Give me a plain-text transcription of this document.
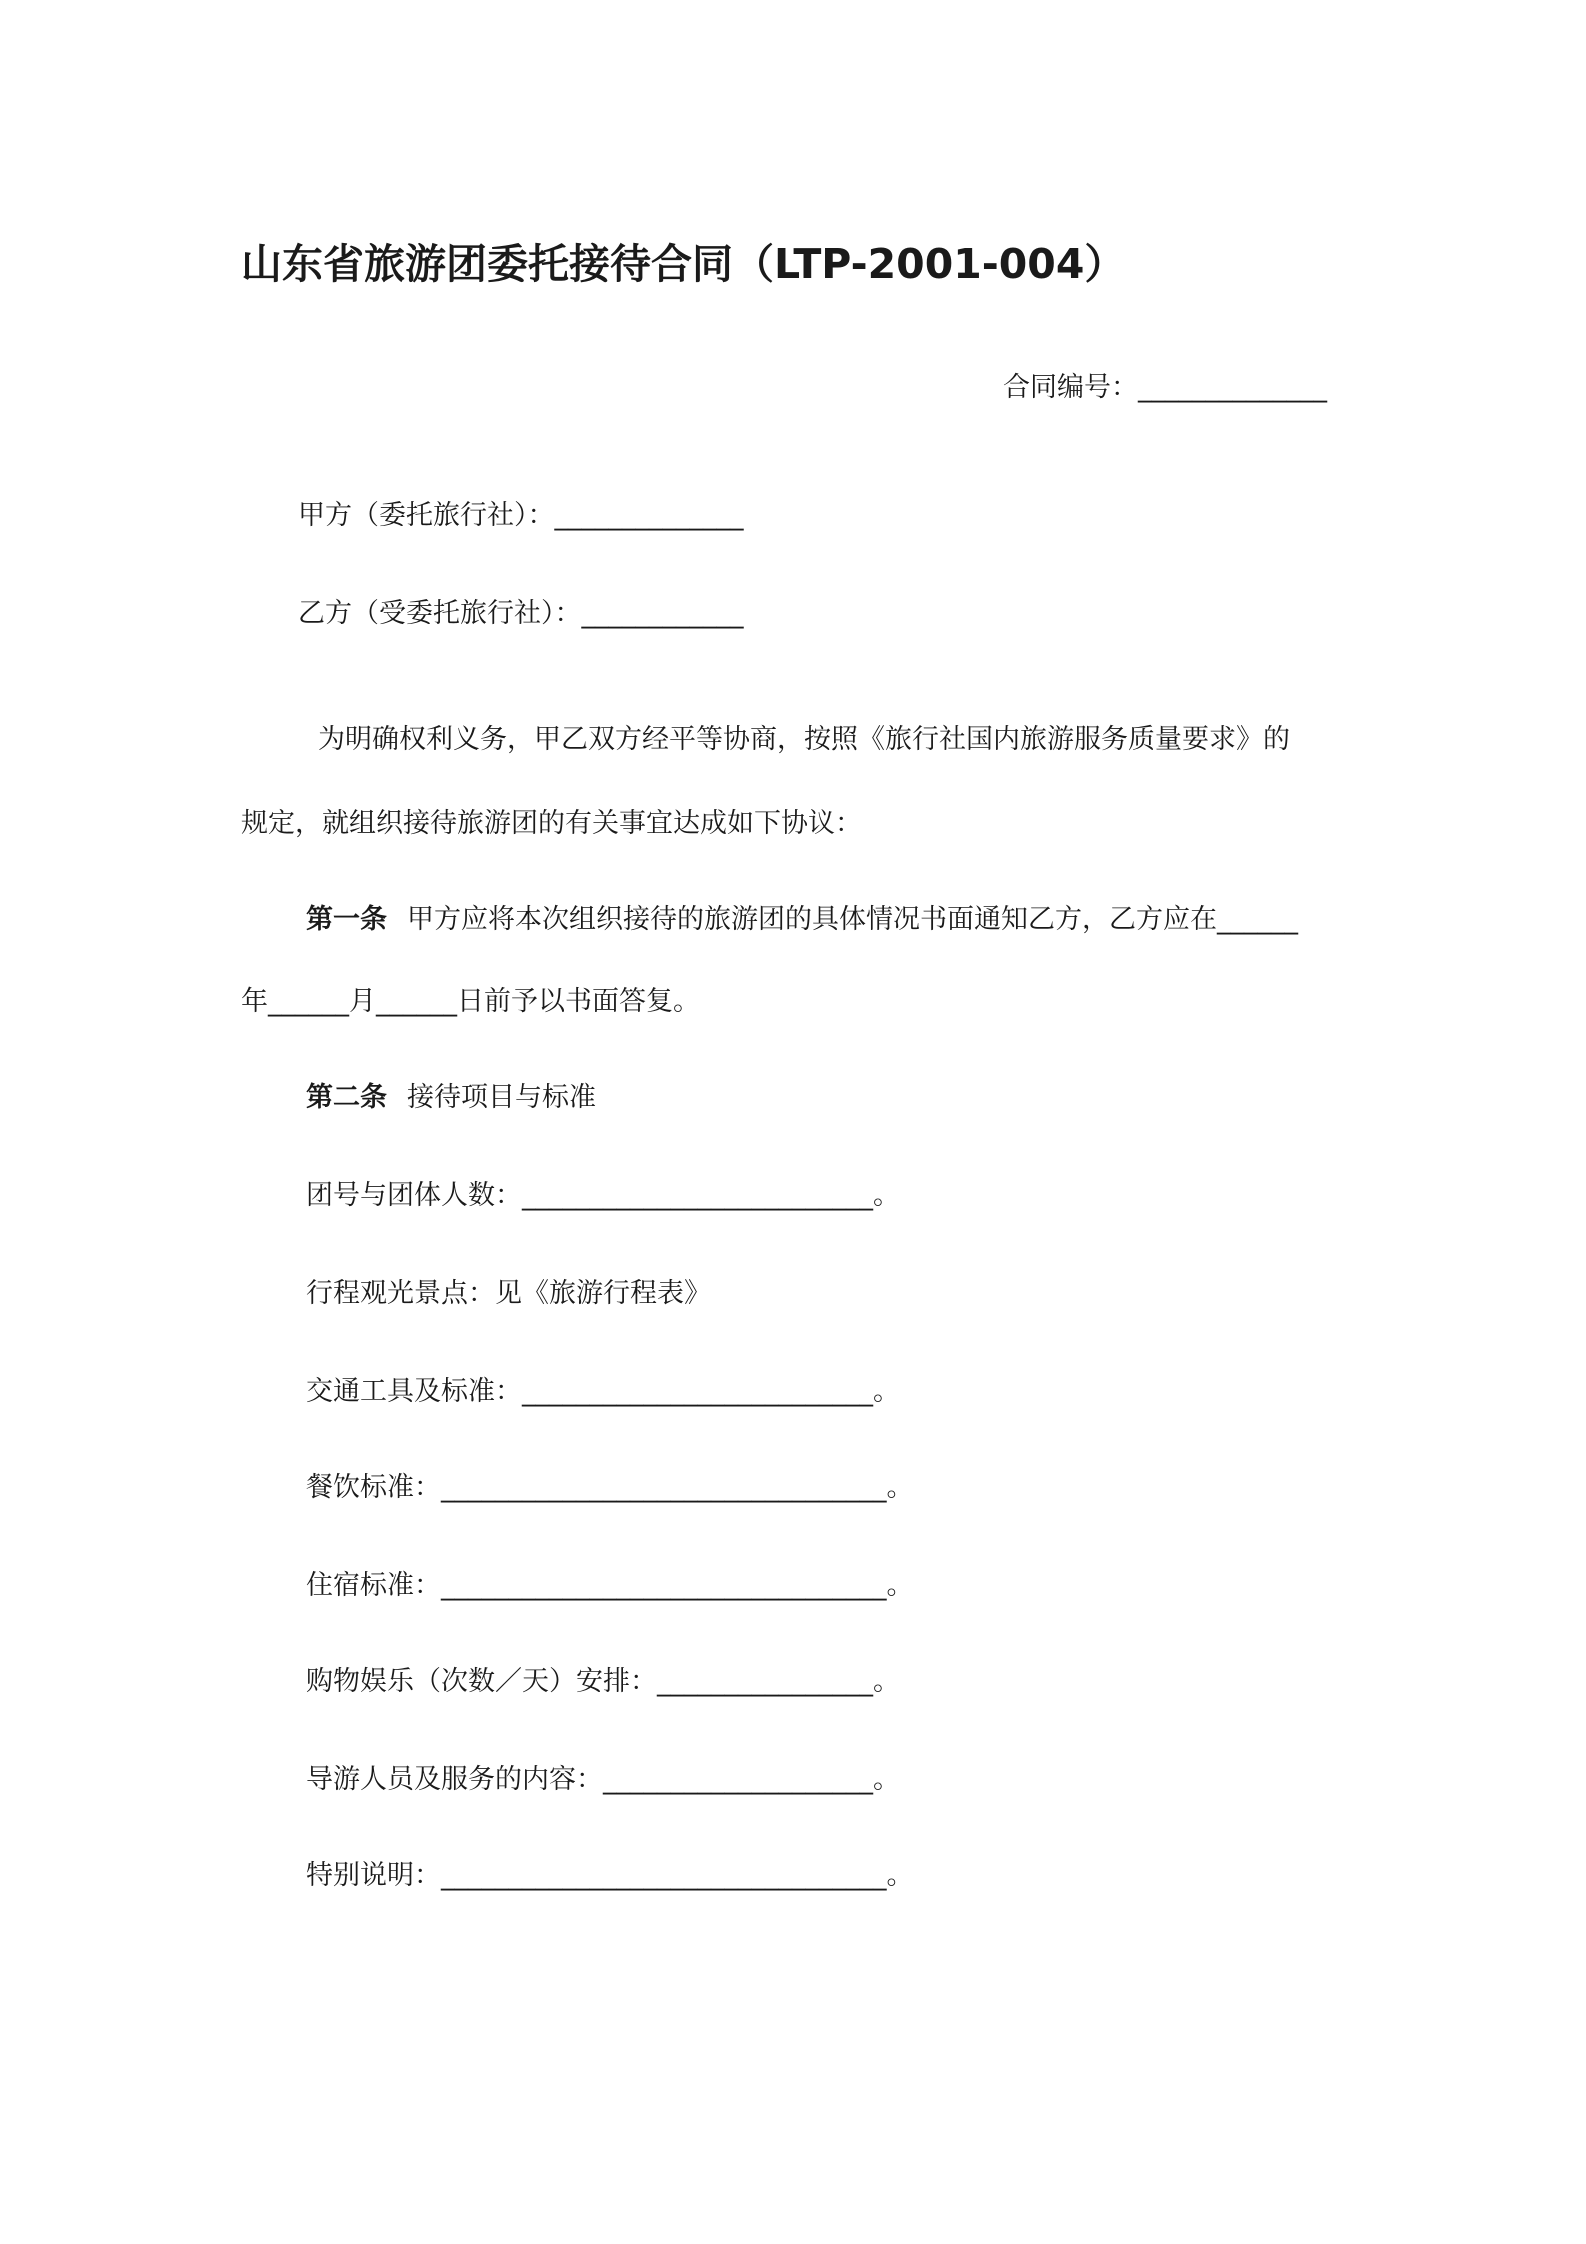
山东省旅游团委托接待合同（LTP-2001-004）
合同编号：______________
甲方（委托旅行社）：______________
乙方（受委托旅行社）：____________
为明确权利义务，甲乙双方经平等协商，按照《旅行社国内旅游服务质量要求》的
规定，就组织接待旅游团的有关事宜达成如下协议：
第一条 甲方应将本次组织接待的旅游团的具体情况书面通知乙方，乙方应在______
年______月______日前予以书面答复。
第二条 接待项目与标准
团号与团体人数：__________________________。
行程观光景点：见《旅游行程表》
交通工具及标准：__________________________。
餐饮标准：_________________________________。
住宿标准：_________________________________。
购物娱乐（次数／天）安排：________________。
导游人员及服务的内容：____________________。
特别说明：_________________________________。
